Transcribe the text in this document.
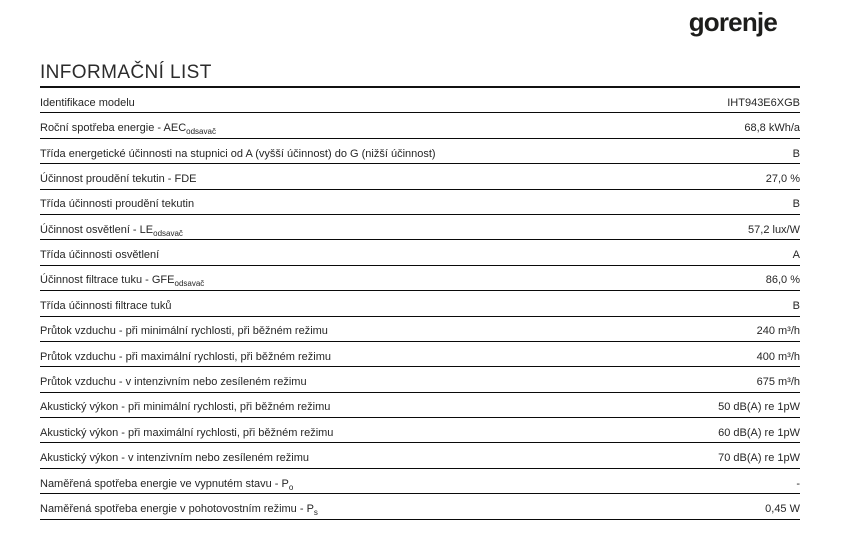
gorenje
INFORMAČNÍ LIST
Identifikace modelu	IHT943E6XGB
Roční spotřeba energie - $AEC_{odsavač}$	68,8 kWh/a
Třída energetické účinnosti na stupnici od A (vyšší účinnost) do G (nižší účinnost)	B
Účinnost proudění tekutin - FDE	27,0 %
Třída účinnosti proudění tekutin	B
Účinnost osvětlení - $LE_{odsavač}$	57,2 lux/W
Třída účinnosti osvětlení	A
Účinnost filtrace tuku - $GFE_{odsavač}$	86,0 %
Třída účinnosti filtrace tuků	B
Průtok vzduchu - při minimální rychlosti, při běžném režimu	240 m³/h
Průtok vzduchu - při maximální rychlosti, při běžném režimu	400 m³/h
Průtok vzduchu - v intenzivním nebo zesíleném režimu	675 m³/h
Akustický výkon - při minimální rychlosti, při běžném režimu	50 dB(A) re 1pW
Akustický výkon - při maximální rychlosti, při běžném režimu	60 dB(A) re 1pW
Akustický výkon - v intenzivním nebo zesíleném režimu	70 dB(A) re 1pW
Naměřená spotřeba energie ve vypnutém stavu - $P_o$	-
Naměřená spotřeba energie v pohotovostním režimu - $P_s$	0,45 W
